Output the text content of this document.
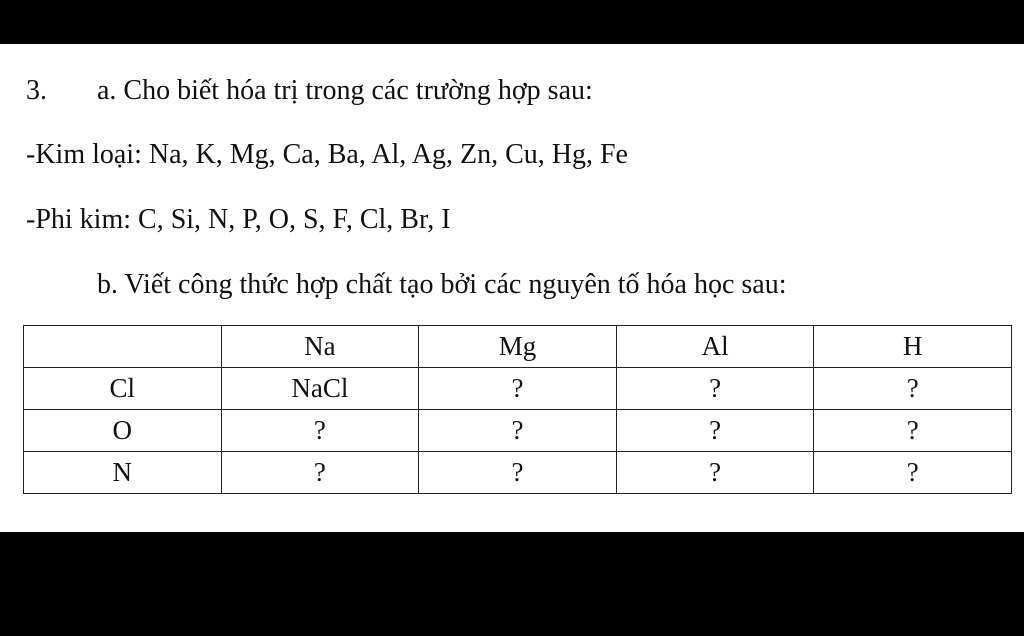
3. a. Cho biết hóa trị trong các trường hợp sau:
-Kim loại: Na, K, Mg, Ca, Ba, Al, Ag, Zn, Cu, Hg, Fe
-Phi kim: C, Si, N, P, O, S, F, Cl, Br, I
b. Viết công thức hợp chất tạo bởi các nguyên tố hóa học sau:
	Na	Mg	Al	H
Cl	NaCl	?	?	?
O	?	?	?	?
N	?	?	?	?
